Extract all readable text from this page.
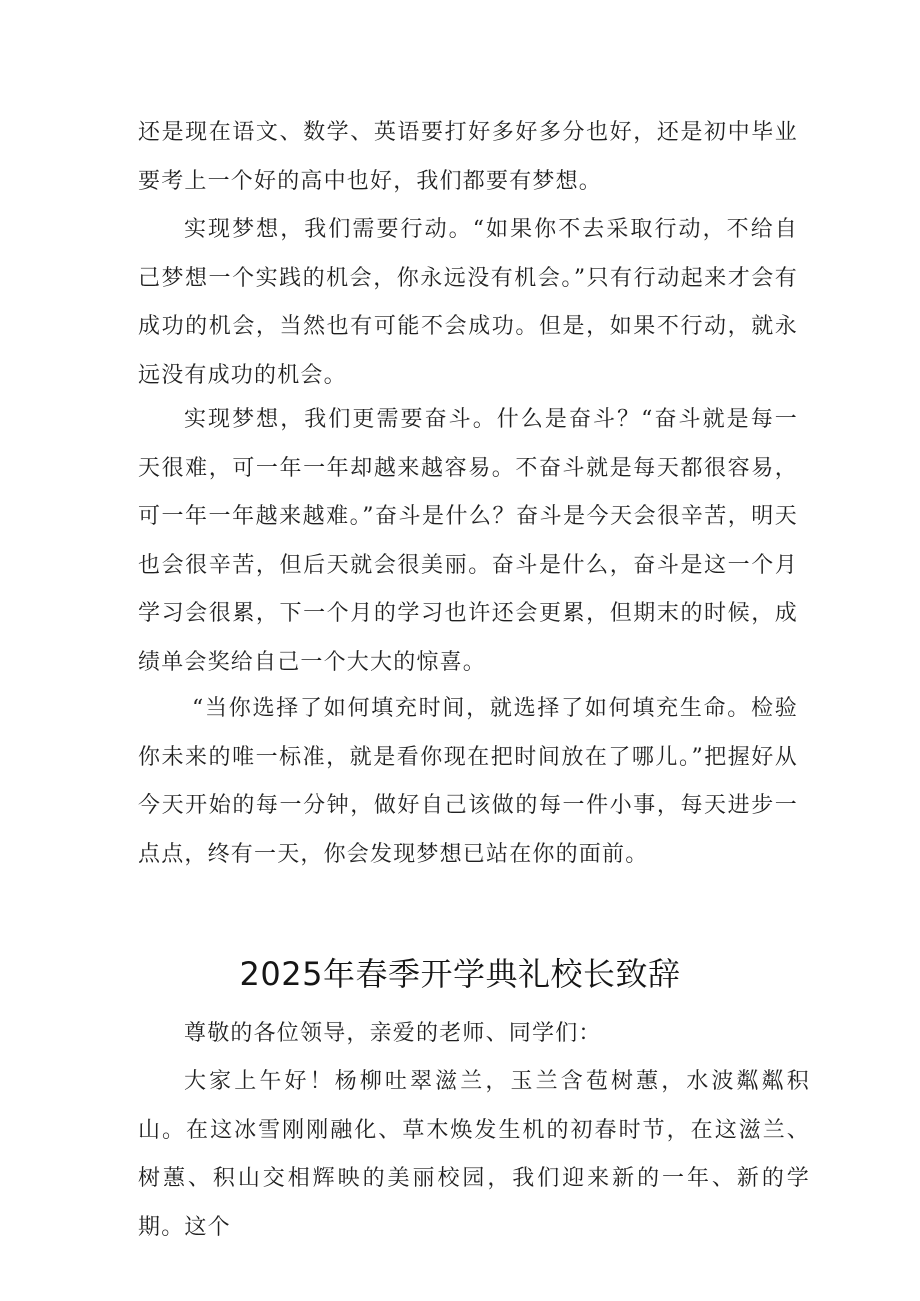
还是现在语文、数学、英语要打好多好多分也好，还是初中毕业要考上一个好的高中也好，我们都要有梦想。

实现梦想，我们需要行动。“如果你不去采取行动，不给自己梦想一个实践的机会，你永远没有机会。”只有行动起来才会有成功的机会，当然也有可能不会成功。但是，如果不行动，就永远没有成功的机会。

实现梦想，我们更需要奋斗。什么是奋斗？“奋斗就是每一天很难，可一年一年却越来越容易。不奋斗就是每天都很容易，可一年一年越来越难。”奋斗是什么？奋斗是今天会很辛苦，明天也会很辛苦，但后天就会很美丽。奋斗是什么，奋斗是这一个月学习会很累，下一个月的学习也许还会更累，但期末的时候，成绩单会奖给自己一个大大的惊喜。

“当你选择了如何填充时间，就选择了如何填充生命。检验你未来的唯一标准，就是看你现在把时间放在了哪儿。”把握好从今天开始的每一分钟，做好自己该做的每一件小事，每天进步一点点，终有一天，你会发现梦想已站在你的面前。

2025年春季开学典礼校长致辞

尊敬的各位领导，亲爱的老师、同学们：

大家上午好！杨柳吐翠滋兰，玉兰含苞树蕙，水波粼粼积山。在这冰雪刚刚融化、草木焕发生机的初春时节，在这滋兰、树蕙、积山交相辉映的美丽校园，我们迎来新的一年、新的学期。这个
